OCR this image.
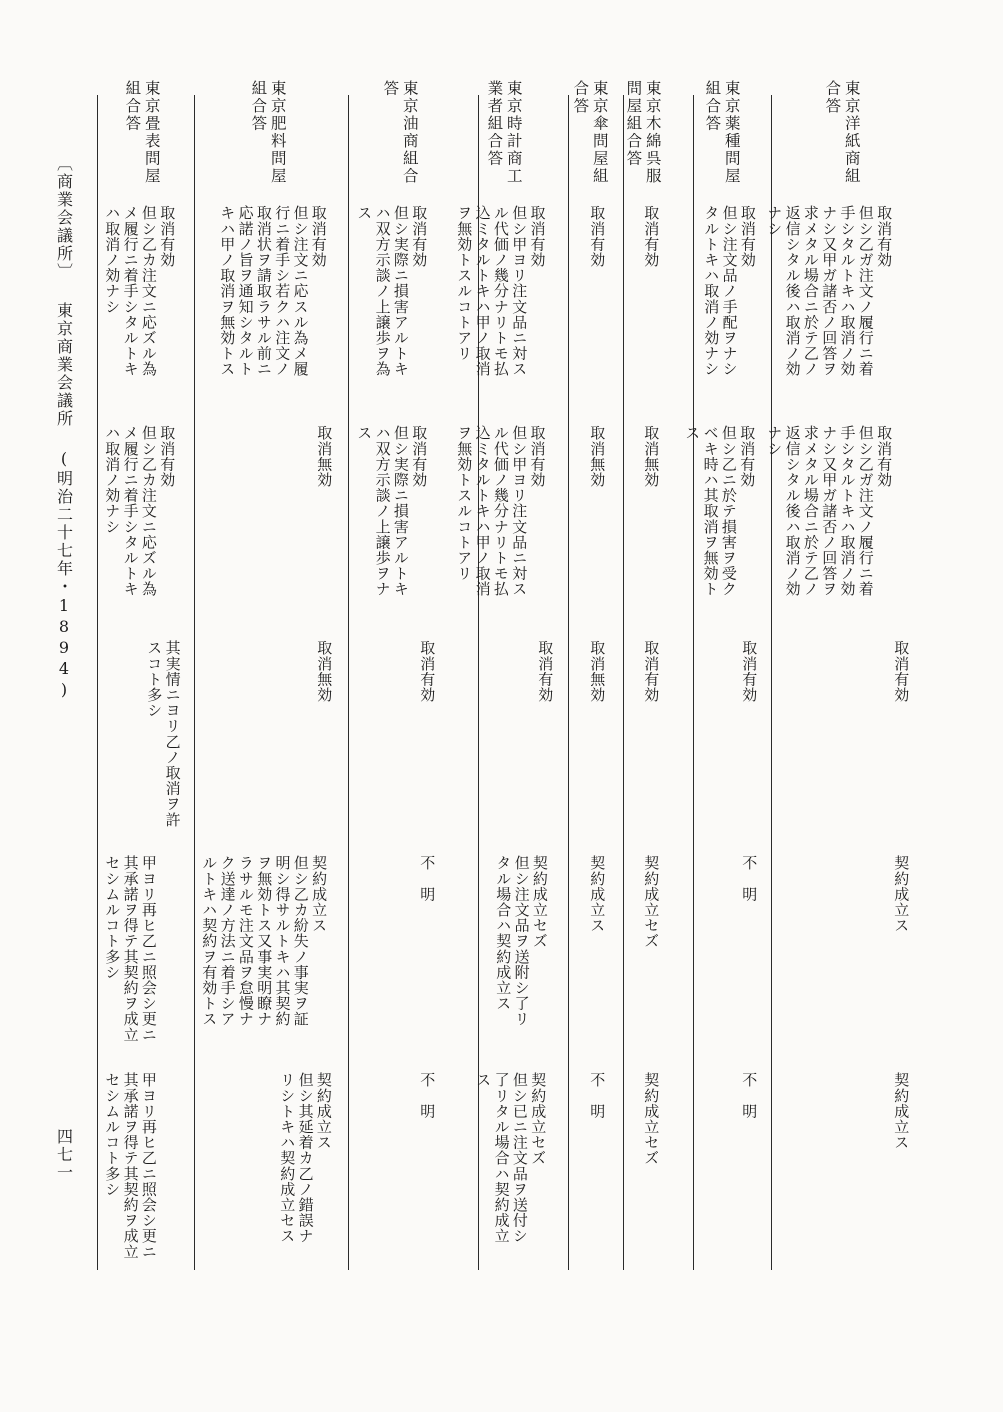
〔商業会議所〕 東京商業会議所 (明治二十七年・1894)
四七一
東京洋紙商組
合答
取消有効
但シ乙ガ注文ノ履行ニ着
手シタルトキハ取消ノ効
ナシ又甲ガ諸否ノ回答ヲ
求メタル場合ニ於テ乙ノ
返信シタル後ハ取消ノ効
ナシ
取消有効
但シ乙ガ注文ノ履行ニ着
手シタルトキハ取消ノ効
ナシ又甲ガ諸否ノ回答ヲ
求メタル場合ニ於テ乙ノ
返信シタル後ハ取消ノ効
ナシ
取消有効
契約成立ス
契約成立ス
東京薬種問屋
組合答
取消有効
但シ注文品ノ手配ヲナシ
タルトキハ取消ノ効ナシ
取消有効
但シ乙ニ於テ損害ヲ受ク
ベキ時ハ其取消ヲ無効ト
ス
取消有効
不　明
不　明
東京木綿呉服
問屋組合答
取消有効
取消無効
取消有効
契約成立セズ
契約成立セズ
東京傘問屋組
合答
取消有効
取消無効
取消無効
契約成立ス
不　明
東京時計商工
業者組合答
取消有効
但シ甲ヨリ注文品ニ対ス
ル代価ノ幾分ナリトモ払
込ミタルトキハ甲ノ取消
ヲ無効トスルコトアリ
取消有効
但シ甲ヨリ注文品ニ対ス
ル代価ノ幾分ナリトモ払
込ミタルトキハ甲ノ取消
ヲ無効トスルコトアリ
取消有効
契約成立セズ
但シ注文品ヲ送附シ了リ
タル場合ハ契約成立ス
契約成立セズ
但シ已ニ注文品ヲ送付シ
了リタル場合ハ契約成立
ス
東京油商組合
答
取消有効
但シ実際ニ損害アルトキ
ハ双方示談ノ上譲歩ヲ為
ス
取消有効
但シ実際ニ損害アルトキ
ハ双方示談ノ上譲歩ヲナ
ス
取消有効
不　明
不　明
東京肥料問屋
組合答
取消有効
但シ注文ニ応スル為メ履
行ニ着手シ若クハ注文ノ
取消状ヲ請取ラサル前ニ
応諾ノ旨ヲ通知シタルト
キハ甲ノ取消ヲ無効トス
取消無効
取消無効
契約成立ス
但シ乙カ紛失ノ事実ヲ証
明シ得サルトキハ其契約
ヲ無効トス又事実明瞭ナ
ラサルモ注文品ヲ怠慢ナ
ク送達ノ方法ニ着手シア
ルトキハ契約ヲ有効トス
契約成立ス
但シ其延着カ乙ノ錯誤ナ
リシトキハ契約成立セス
東京畳表問屋
組合答
取消有効
但シ乙カ注文ニ応ズル為
メ履行ニ着手シタルトキ
ハ取消ノ効ナシ
取消有効
但シ乙カ注文ニ応ズル為
メ履行ニ着手シタルトキ
ハ取消ノ効ナシ
其実情ニヨリ乙ノ取消ヲ許
スコト多シ
甲ヨリ再ヒ乙ニ照会シ更ニ
其承諾ヲ得テ其契約ヲ成立
セシムルコト多シ
甲ヨリ再ヒ乙ニ照会シ更ニ
其承諾ヲ得テ其契約ヲ成立
セシムルコト多シ
